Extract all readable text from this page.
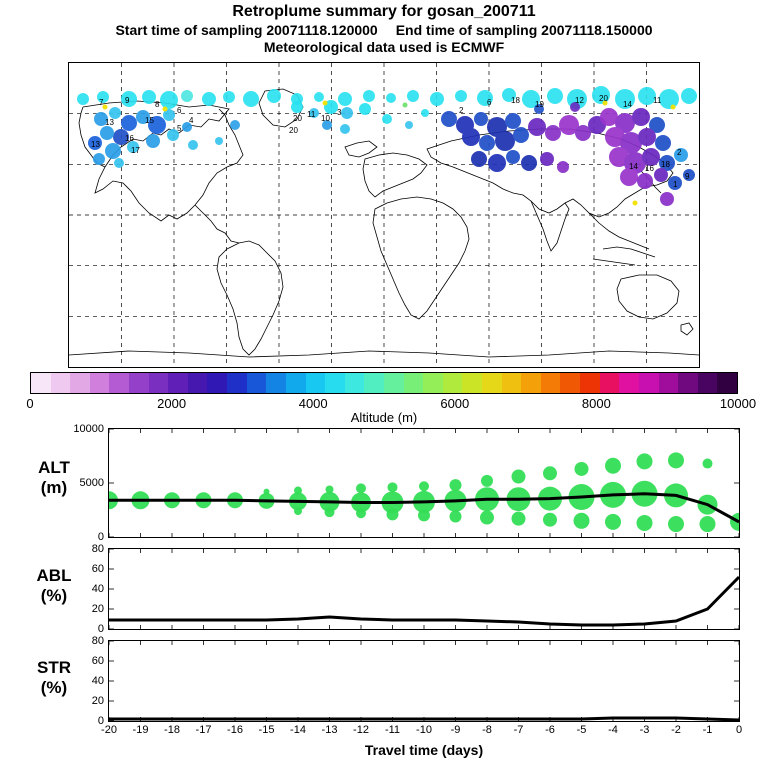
Retroplume summary for gosan_200711
Start time of sampling 20071118.120000 End time of sampling 20071118.150000
Meteorological data used is ECMWF
7	9	8
6
15
13
13
16
17
5
4	20 11 10
20
3	2
6 18 19	12 20
14	11
14 16 18
1
9
2
0	2000	4000	6000	8000	10000
Altitude (m)
ALT
(m)
ABL
(%)
STR
(%)
0
5000
10000
0
20
40
60
80
0
20
40
60
80
-20 -19 -18 -17 -16 -15 -14 -13 -12 -11 -10 -9 -8 -7 -6 -5 -4 -3 -2 -1 0
Travel time (days)
